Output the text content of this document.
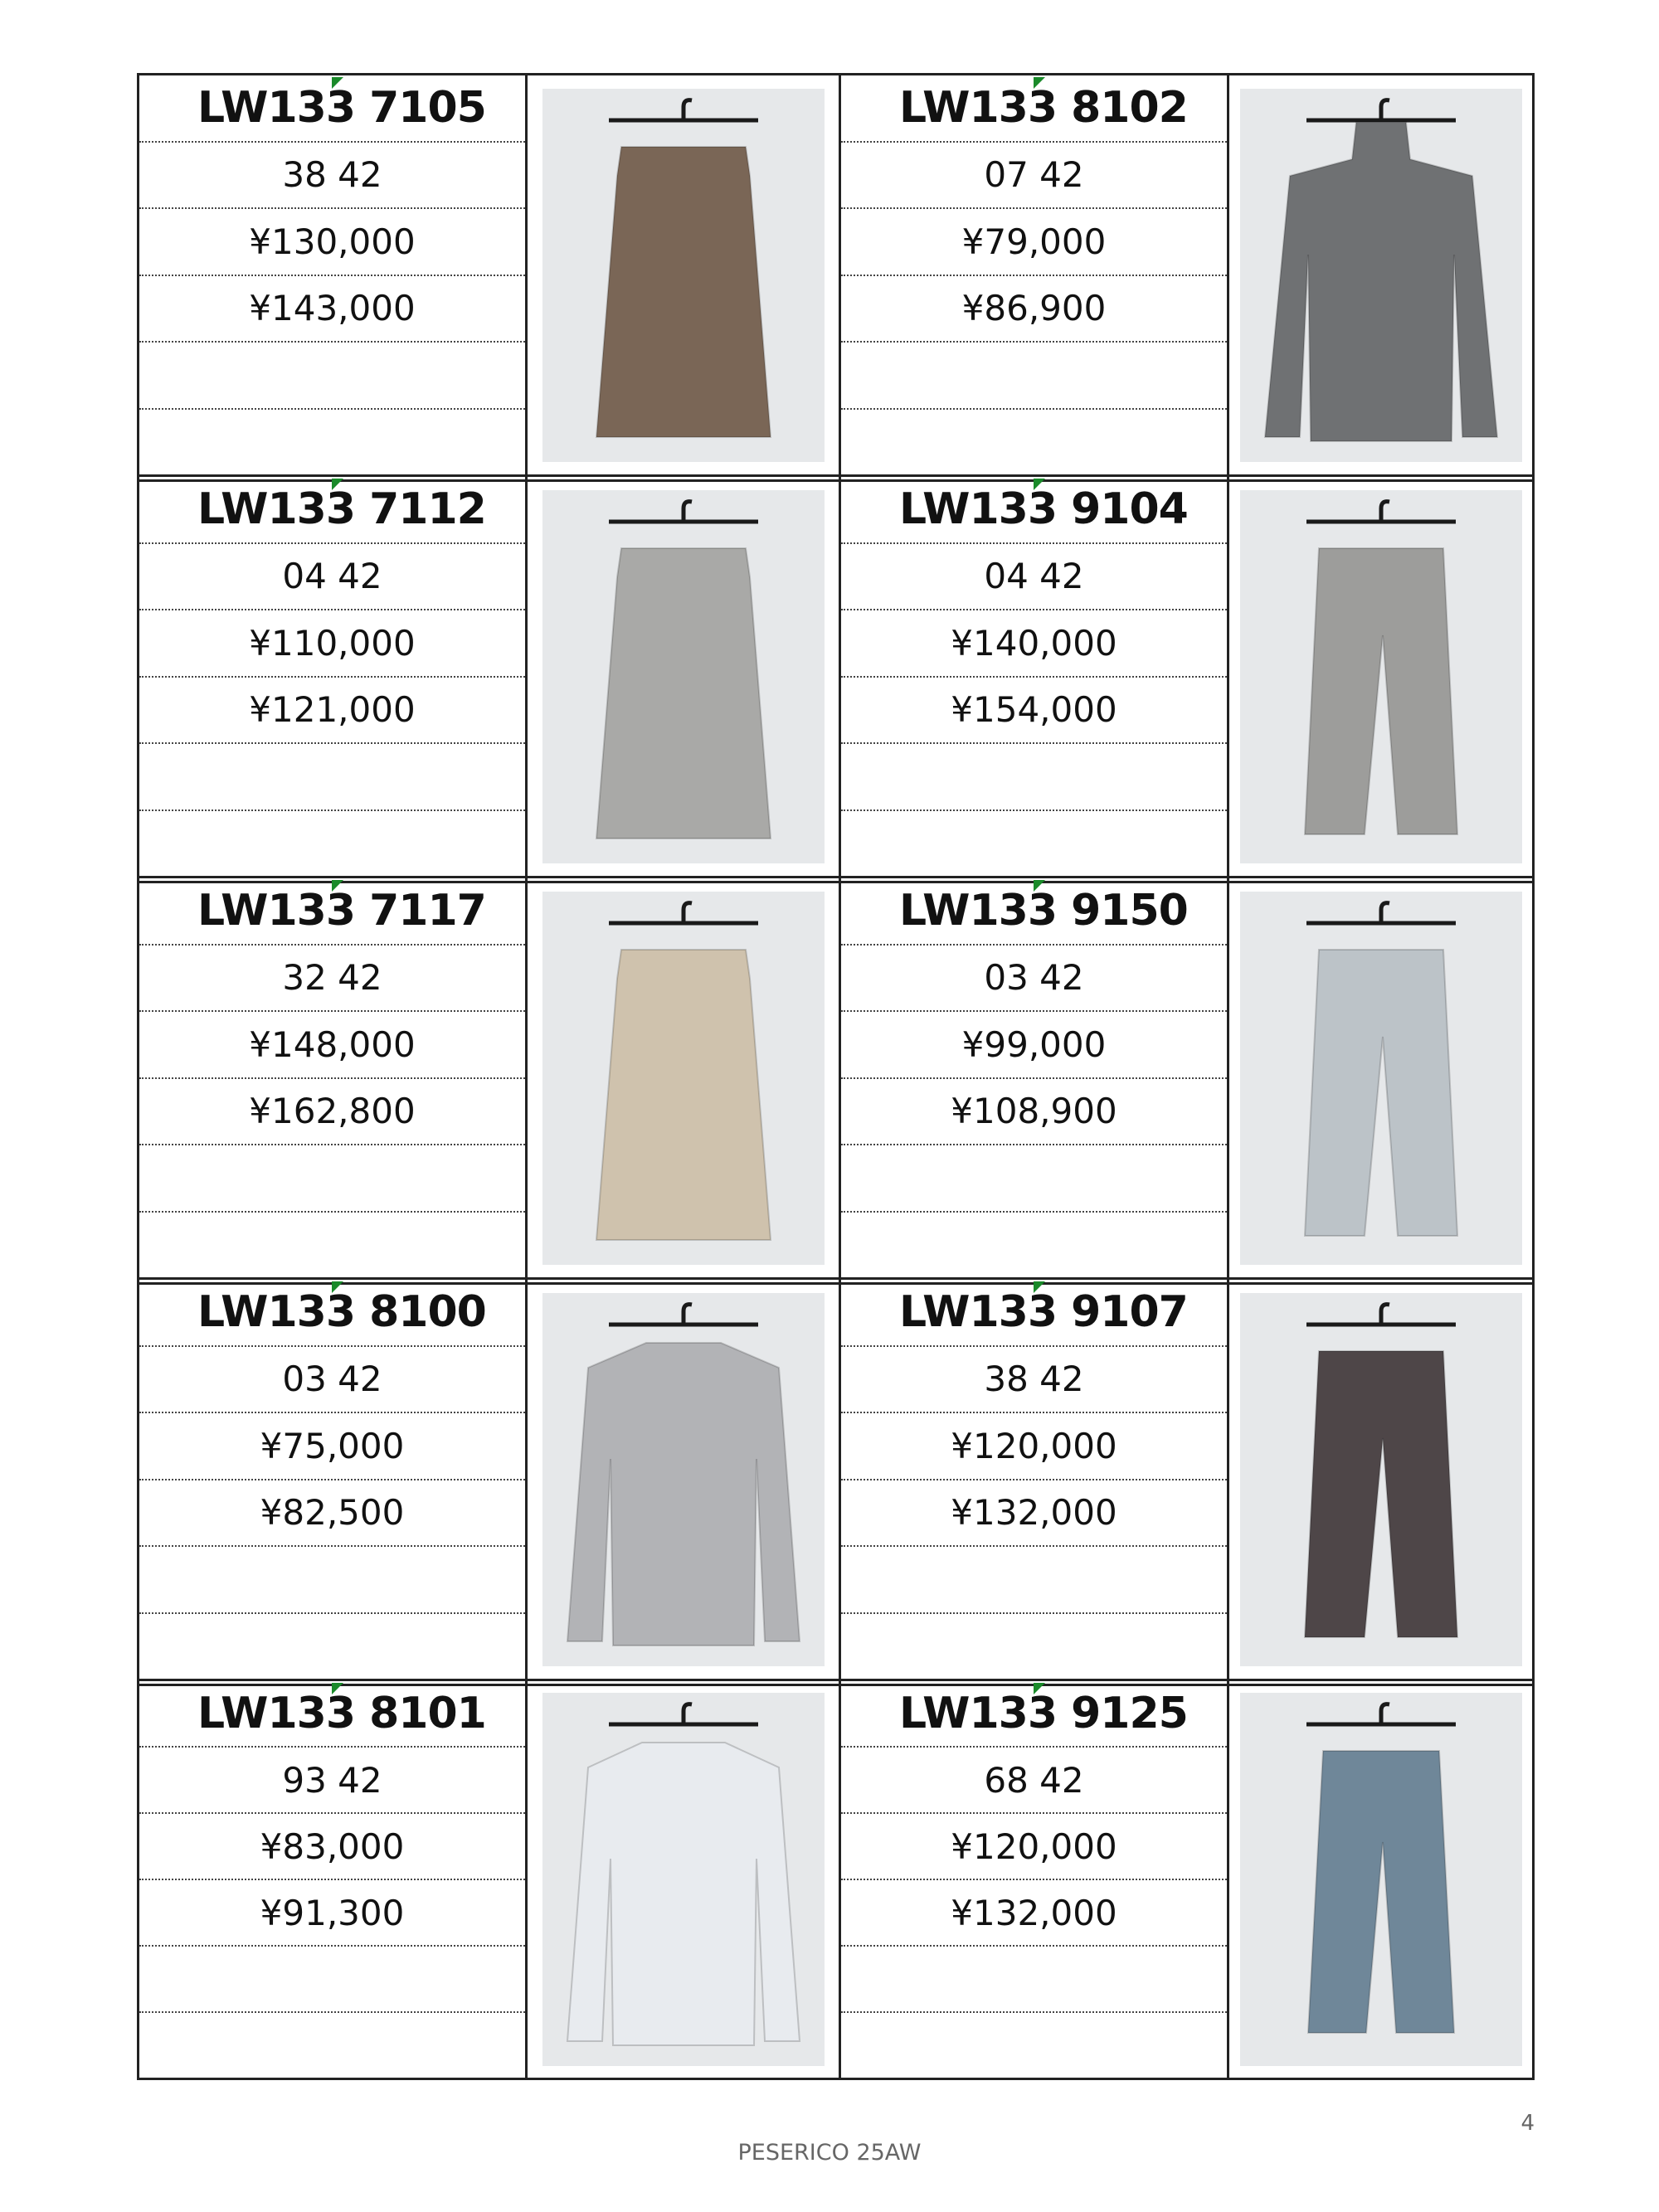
LW133 7105
38 42
¥130,000
¥143,000
LW133 8102
07 42
¥79,000
¥86,900
LW133 7112
04 42
¥110,000
¥121,000
LW133 9104
04 42
¥140,000
¥154,000
LW133 7117
32 42
¥148,000
¥162,800
LW133 9150
03 42
¥99,000
¥108,900
LW133 8100
03 42
¥75,000
¥82,500
LW133 9107
38 42
¥120,000
¥132,000
LW133 8101
93 42
¥83,000
¥91,300
LW133 9125
68 42
¥120,000
¥132,000
4
PESERICO 25AW
